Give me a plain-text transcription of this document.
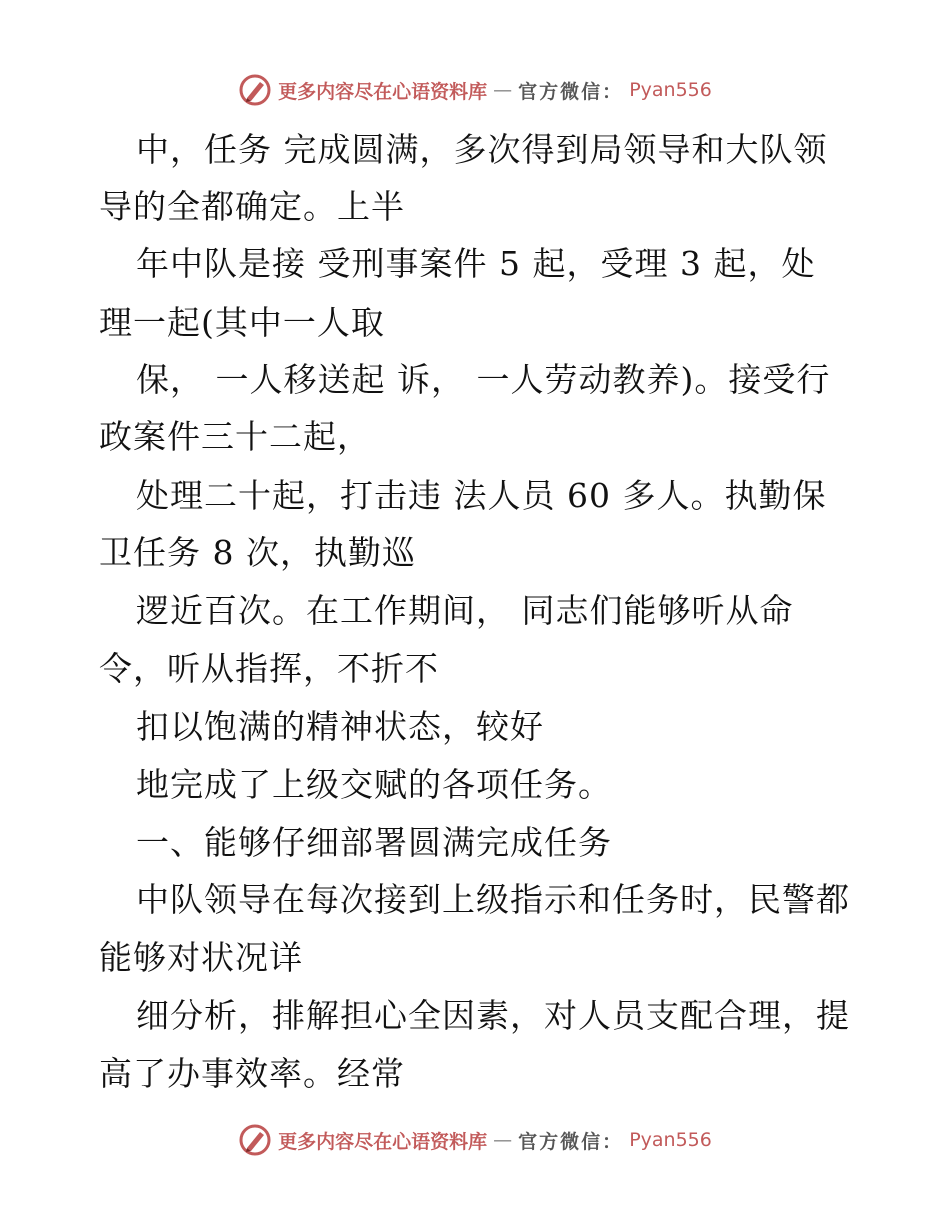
更多内容尽在心语资料库 — 官方微信： Pyan556
中，任务 完成圆满，多次得到局领导和大队领
导的全都确定。上半
年中队是接 受刑事案件 5 起，受理 3 起，处
理一起(其中一人取
保， 一人移送起 诉， 一人劳动教养)。接受行
政案件三十二起，
处理二十起，打击违 法人员 60 多人。执勤保
卫任务 8 次，执勤巡
逻近百次。在工作期间， 同志们能够听从命
令，听从指挥，不折不
扣以饱满的精神状态，较好
地完成了上级交赋的各项任务。
一、能够仔细部署圆满完成任务
中队领导在每次接到上级指示和任务时，民警都
能够对状况详
细分析，排解担心全因素，对人员支配合理，提
高了办事效率。经常
更多内容尽在心语资料库 — 官方微信： Pyan556
